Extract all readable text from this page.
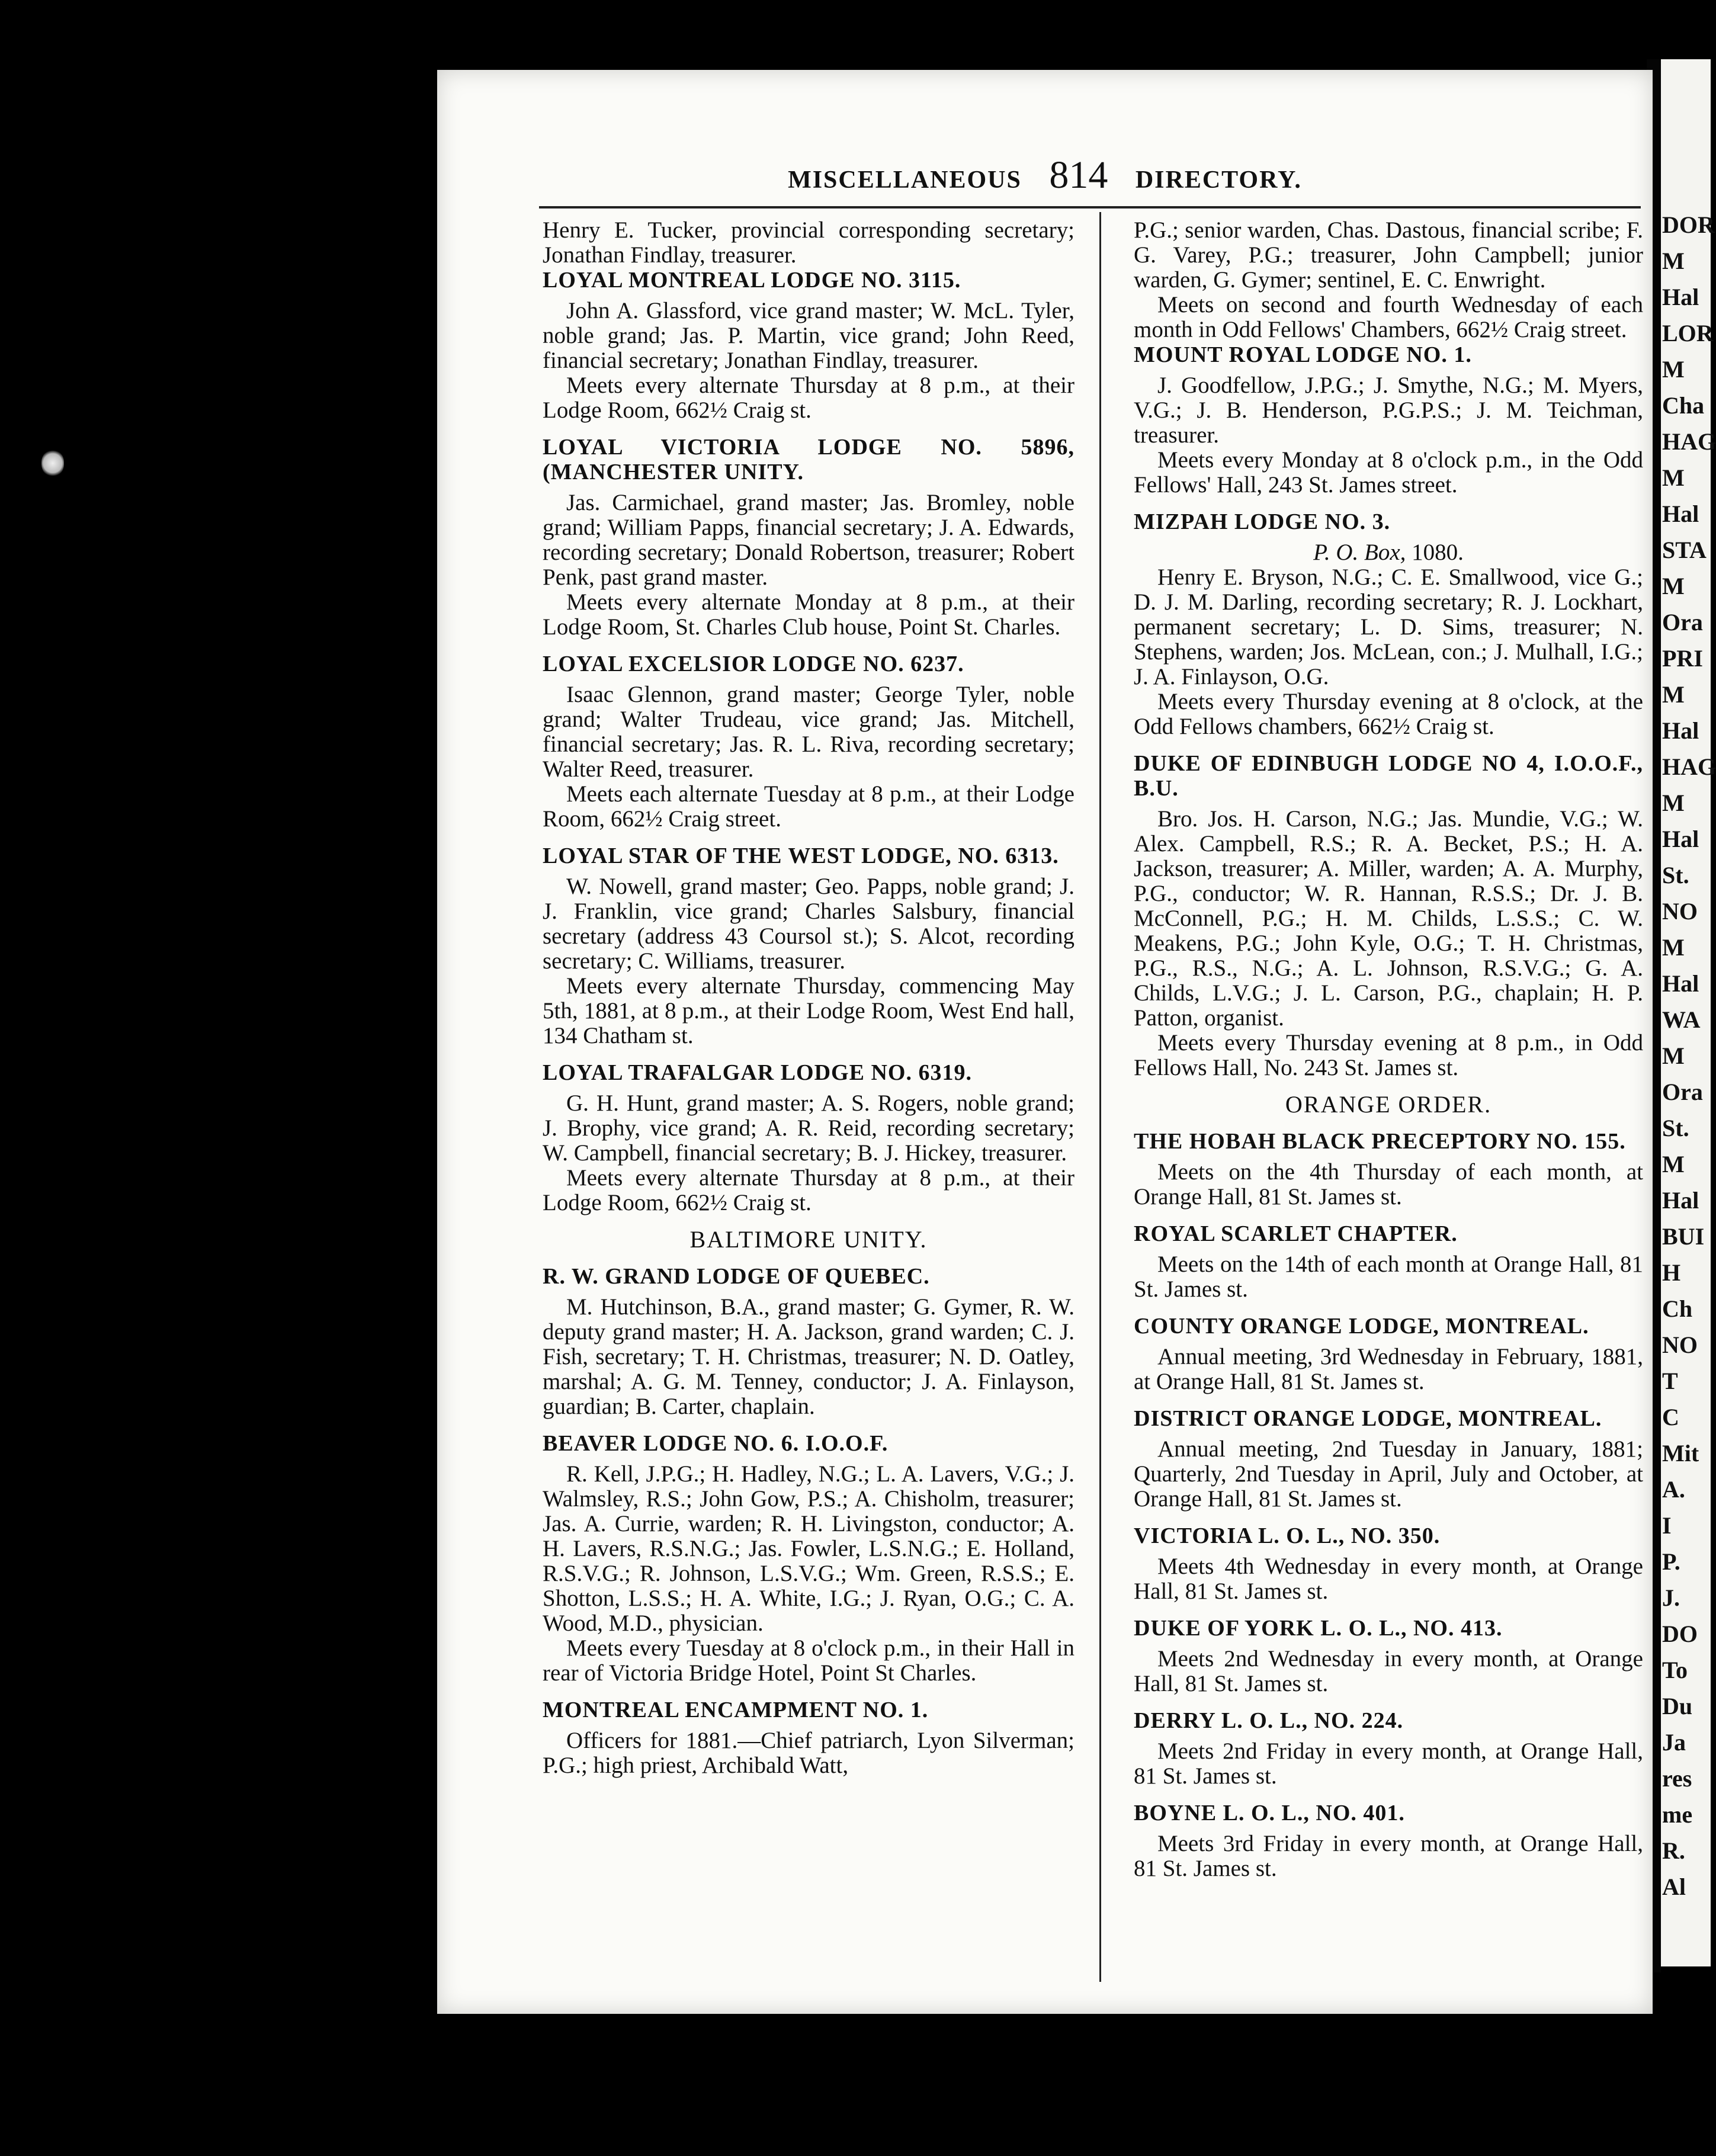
DOR
M
Hal
LOR
M
Cha
HAG
M
Hal
STA
M
Ora
PRI
M
Hal
HAG
M
Hal
St.
NO
M
Hal
WA
M
Ora
St.
M
Hal
BUI
H
Ch
NO
T
C
Mit
A.
I
P.
J.
DO
To
Du
Ja
res
me
R.
Al
MISCELLANEOUS 814 DIRECTORY.

Henry E. Tucker, provincial corresponding secretary; Jonathan Findlay, treasurer.

LOYAL MONTREAL LODGE NO. 3115.

John A. Glassford, vice grand master; W. McL. Tyler, noble grand; Jas. P. Martin, vice grand; John Reed, financial secretary; Jonathan Findlay, treasurer.

Meets every alternate Thursday at 8 p.m., at their Lodge Room, 662½ Craig st.

LOYAL VICTORIA LODGE NO. 5896, (MANCHESTER UNITY.

Jas. Carmichael, grand master; Jas. Bromley, noble grand; William Papps, financial secretary; J. A. Edwards, recording secretary; Donald Robertson, treasurer; Robert Penk, past grand master.

Meets every alternate Monday at 8 p.m., at their Lodge Room, St. Charles Club house, Point St. Charles.

LOYAL EXCELSIOR LODGE NO. 6237.

Isaac Glennon, grand master; George Tyler, noble grand; Walter Trudeau, vice grand; Jas. Mitchell, financial secretary; Jas. R. L. Riva, recording secretary; Walter Reed, treasurer.

Meets each alternate Tuesday at 8 p.m., at their Lodge Room, 662½ Craig street.

LOYAL STAR OF THE WEST LODGE, NO. 6313.

W. Nowell, grand master; Geo. Papps, noble grand; J. J. Franklin, vice grand; Charles Salsbury, financial secretary (address 43 Coursol st.); S. Alcot, recording secretary; C. Williams, treasurer.

Meets every alternate Thursday, commencing May 5th, 1881, at 8 p.m., at their Lodge Room, West End hall, 134 Chatham st.

LOYAL TRAFALGAR LODGE NO. 6319.

G. H. Hunt, grand master; A. S. Rogers, noble grand; J. Brophy, vice grand; A. R. Reid, recording secretary; W. Campbell, financial secretary; B. J. Hickey, treasurer.

Meets every alternate Thursday at 8 p.m., at their Lodge Room, 662½ Craig st.

BALTIMORE UNITY.
R. W. GRAND LODGE OF QUEBEC.

M. Hutchinson, B.A., grand master; G. Gymer, R. W. deputy grand master; H. A. Jackson, grand warden; C. J. Fish, secretary; T. H. Christmas, treasurer; N. D. Oatley, marshal; A. G. M. Tenney, conductor; J. A. Finlayson, guardian; B. Carter, chaplain.

BEAVER LODGE NO. 6. I.O.O.F.

R. Kell, J.P.G.; H. Hadley, N.G.; L. A. Lavers, V.G.; J. Walmsley, R.S.; John Gow, P.S.; A. Chisholm, treasurer; Jas. A. Currie, warden; R. H. Livingston, conductor; A. H. Lavers, R.S.N.G.; Jas. Fowler, L.S.N.G.; E. Holland, R.S.V.G.; R. Johnson, L.S.V.G.; Wm. Green, R.S.S.; E. Shotton, L.S.S.; H. A. White, I.G.; J. Ryan, O.G.; C. A. Wood, M.D., physician.

Meets every Tuesday at 8 o'clock p.m., in their Hall in rear of Victoria Bridge Hotel, Point St Charles.

MONTREAL ENCAMPMENT NO. 1.

Officers for 1881.—Chief patriarch, Lyon Silverman; P.G.; high priest, Archibald Watt,

P.G.; senior warden, Chas. Dastous, financial scribe; F. G. Varey, P.G.; treasurer, John Campbell; junior warden, G. Gymer; sentinel, E. C. Enwright.

Meets on second and fourth Wednesday of each month in Odd Fellows' Chambers, 662½ Craig street.

MOUNT ROYAL LODGE NO. 1.

J. Goodfellow, J.P.G.; J. Smythe, N.G.; M. Myers, V.G.; J. B. Henderson, P.G.P.S.; J. M. Teichman, treasurer.

Meets every Monday at 8 o'clock p.m., in the Odd Fellows' Hall, 243 St. James street.

MIZPAH LODGE NO. 3.

P. O. Box, 1080.

Henry E. Bryson, N.G.; C. E. Smallwood, vice G.; D. J. M. Darling, recording secretary; R. J. Lockhart, permanent secretary; L. D. Sims, treasurer; N. Stephens, warden; Jos. McLean, con.; J. Mulhall, I.G.; J. A. Finlayson, O.G.

Meets every Thursday evening at 8 o'clock, at the Odd Fellows chambers, 662½ Craig st.

DUKE OF EDINBUGH LODGE NO 4, I.O.O.F., B.U.

Bro. Jos. H. Carson, N.G.; Jas. Mundie, V.G.; W. Alex. Campbell, R.S.; R. A. Becket, P.S.; H. A. Jackson, treasurer; A. Miller, warden; A. A. Murphy, P.G., conductor; W. R. Hannan, R.S.S.; Dr. J. B. McConnell, P.G.; H. M. Childs, L.S.S.; C. W. Meakens, P.G.; John Kyle, O.G.; T. H. Christmas, P.G., R.S., N.G.; A. L. Johnson, R.S.V.G.; G. A. Childs, L.V.G.; J. L. Carson, P.G., chaplain; H. P. Patton, organist.

Meets every Thursday evening at 8 p.m., in Odd Fellows Hall, No. 243 St. James st.

ORANGE ORDER.
THE HOBAH BLACK PRECEPTORY NO. 155.

Meets on the 4th Thursday of each month, at Orange Hall, 81 St. James st.

ROYAL SCARLET CHAPTER.

Meets on the 14th of each month at Orange Hall, 81 St. James st.

COUNTY ORANGE LODGE, MONTREAL.

Annual meeting, 3rd Wednesday in February, 1881, at Orange Hall, 81 St. James st.

DISTRICT ORANGE LODGE, MONTREAL.

Annual meeting, 2nd Tuesday in January, 1881; Quarterly, 2nd Tuesday in April, July and October, at Orange Hall, 81 St. James st.

VICTORIA L. O. L., NO. 350.

Meets 4th Wednesday in every month, at Orange Hall, 81 St. James st.

DUKE OF YORK L. O. L., NO. 413.

Meets 2nd Wednesday in every month, at Orange Hall, 81 St. James st.

DERRY L. O. L., NO. 224.

Meets 2nd Friday in every month, at Orange Hall, 81 St. James st.

BOYNE L. O. L., NO. 401.

Meets 3rd Friday in every month, at Orange Hall, 81 St. James st.
